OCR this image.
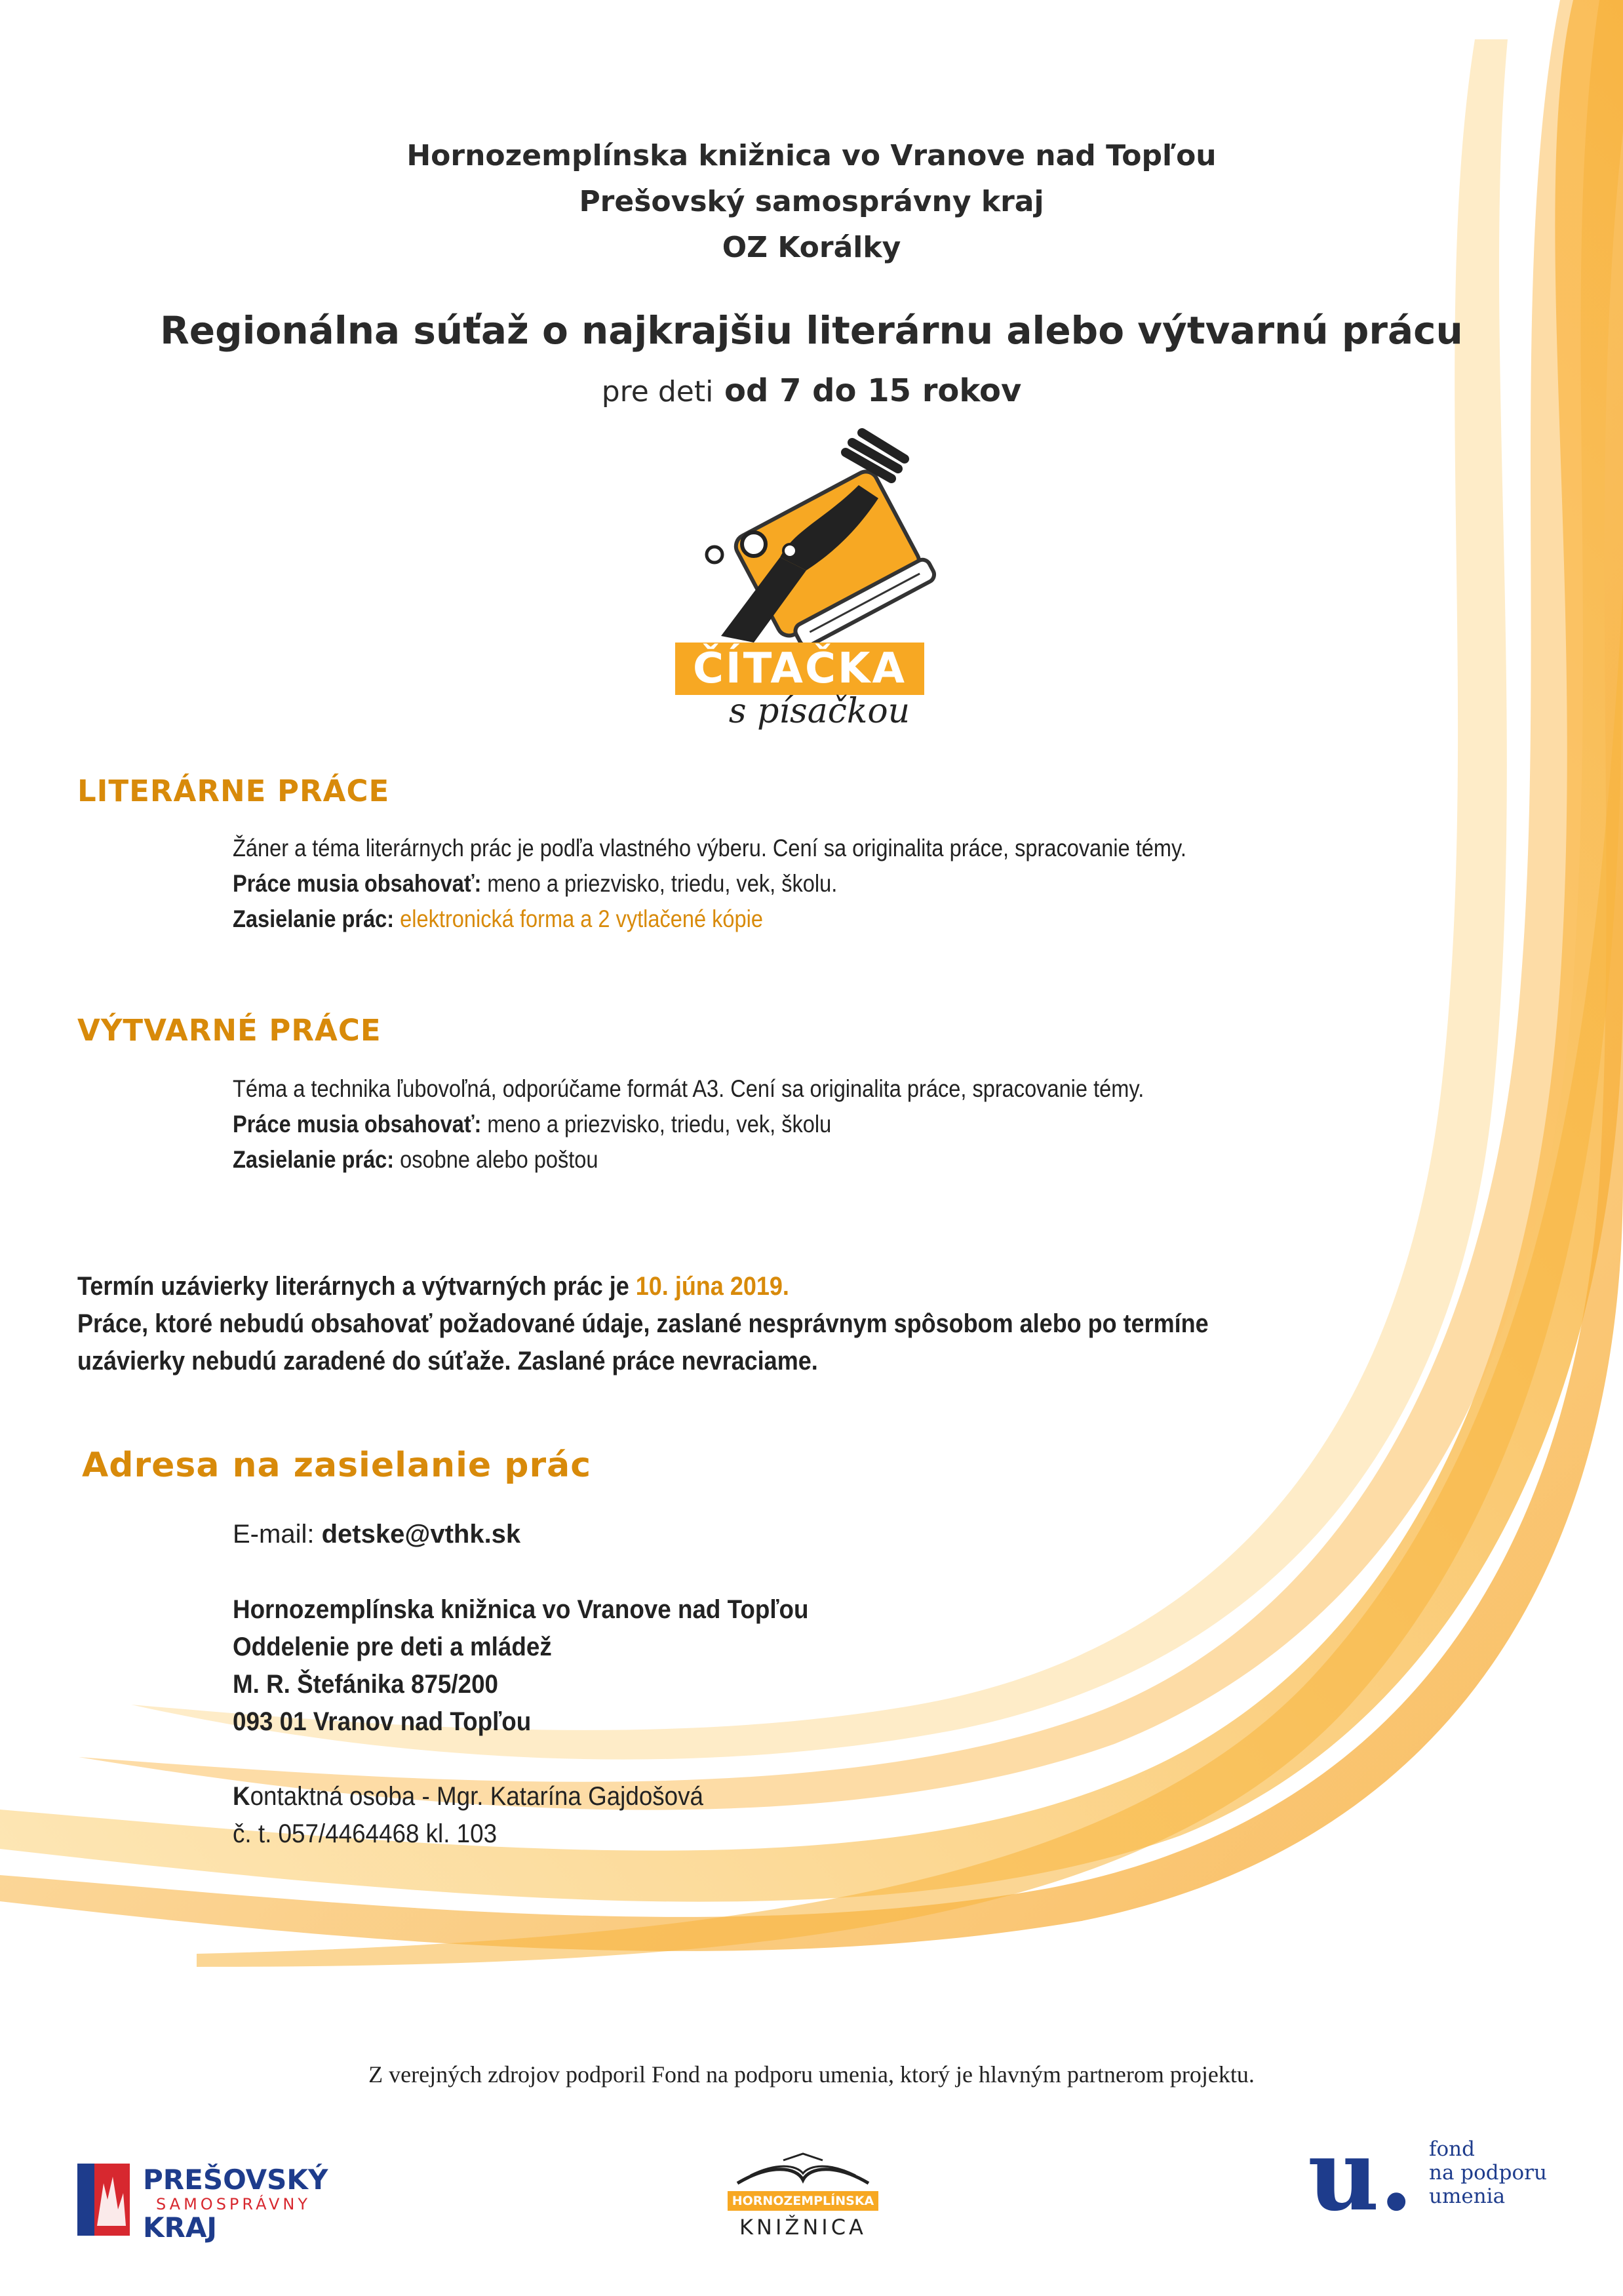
Hornozemplínska knižnica vo Vranove nad Topľou
Prešovský samosprávny kraj
OZ Korálky
Regionálna súťaž o najkrajšiu literárnu alebo výtvarnú prácu
pre deti od 7 do 15 rokov
ČÍTAČKA
s písačkou
LITERÁRNE PRÁCE
Žáner a téma literárnych prác je podľa vlastného výberu. Cení sa originalita práce, spracovanie témy.
Práce musia obsahovať: meno a priezvisko, triedu, vek, školu.
Zasielanie prác: elektronická forma a 2 vytlačené kópie
VÝTVARNÉ PRÁCE
Téma a technika ľubovoľná, odporúčame formát A3. Cení sa originalita práce, spracovanie témy.
Práce musia obsahovať: meno a priezvisko, triedu, vek, školu
Zasielanie prác: osobne alebo poštou
Termín uzávierky literárnych a výtvarných prác je 10. júna 2019.
Práce, ktoré nebudú obsahovať požadované údaje, zaslané nesprávnym spôsobom alebo po termíne
uzávierky nebudú zaradené do súťaže. Zaslané práce nevraciame.
Adresa na zasielanie prác
E-mail: detske@vthk.sk
Hornozemplínska knižnica vo Vranove nad Topľou
Oddelenie pre deti a mládež
M. R. Štefánika 875/200
093 01 Vranov nad Topľou
Kontaktná osoba - Mgr. Katarína Gajdošová
č. t. 057/4464468 kl. 103
Z verejných zdrojov podporil Fond na podporu umenia, ktorý je hlavným partnerom projektu.
PREŠOVSKÝ
SAMOSPRÁVNY
KRAJ
HORNOZEMPLÍNSKA
KNIŽNICA	u. fond
na podporu
umenia
